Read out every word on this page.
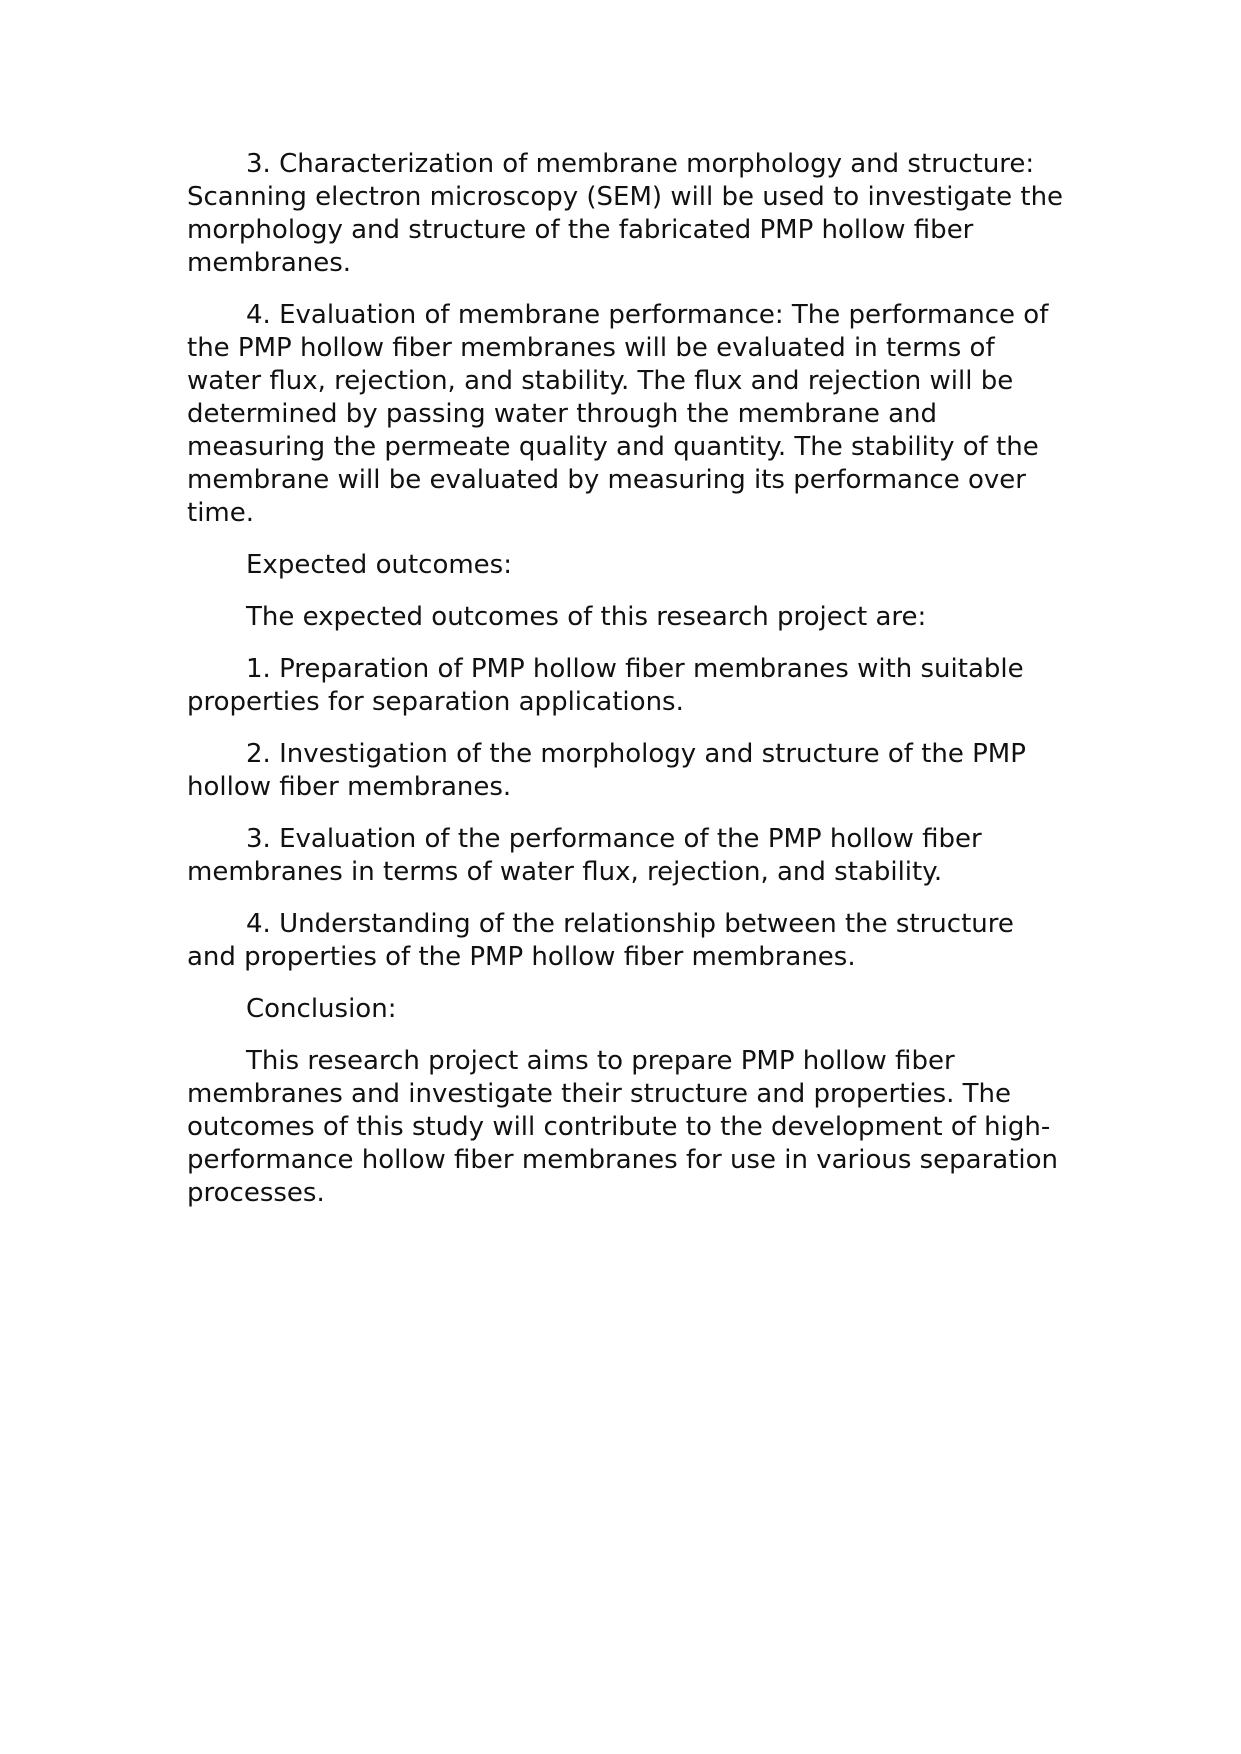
3. Characterization of membrane morphology and structure: Scanning electron microscopy (SEM) will be used to investigate the morphology and structure of the fabricated PMP hollow fiber membranes.

4. Evaluation of membrane performance: The performance of the PMP hollow fiber membranes will be evaluated in terms of water flux, rejection, and stability. The flux and rejection will be determined by passing water through the membrane and measuring the permeate quality and quantity. The stability of the membrane will be evaluated by measuring its performance over time.

Expected outcomes:

The expected outcomes of this research project are:

1. Preparation of PMP hollow fiber membranes with suitable properties for separation applications.

2. Investigation of the morphology and structure of the PMP hollow fiber membranes.

3. Evaluation of the performance of the PMP hollow fiber membranes in terms of water flux, rejection, and stability.

4. Understanding of the relationship between the structure and properties of the PMP hollow fiber membranes.

Conclusion:

This research project aims to prepare PMP hollow fiber membranes and investigate their structure and properties. The outcomes of this study will contribute to the development of high-performance hollow fiber membranes for use in various separation processes.
